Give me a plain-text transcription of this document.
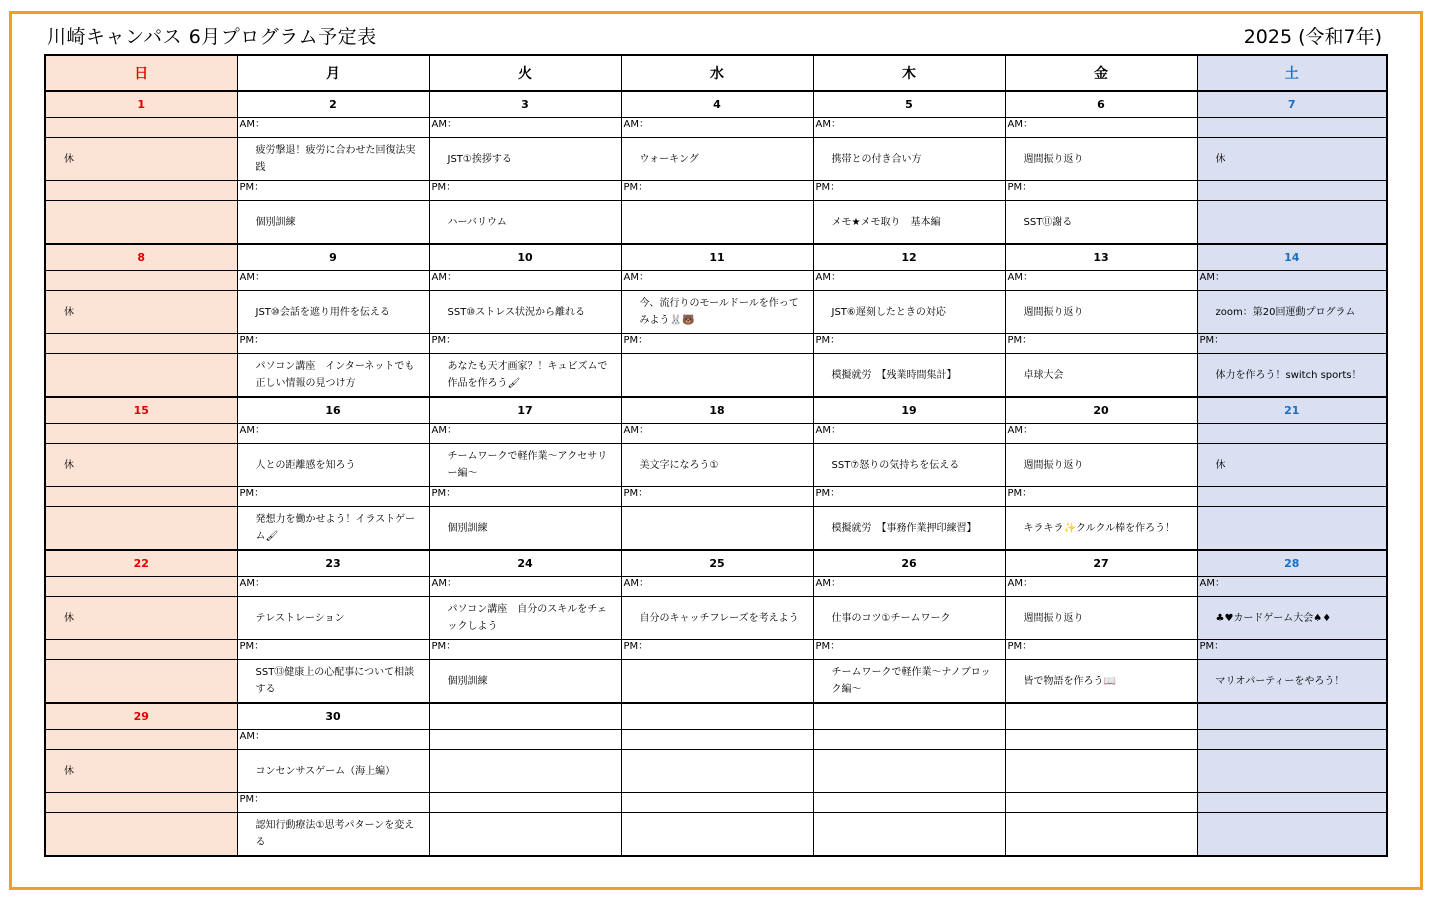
川崎キャンパス 6月プログラム予定表	2025 (令和7年)
日	月	火	水	木	金	土
1	2	3	4	5	6	7
	AM：	AM：	AM：	AM：	AM：	

休	疲労撃退！疲労に合わせた回復法実践	JST①挨拶する	ウォーキング	携帯との付き合い方	週間振り返り	休

	PM：	PM：	PM：	PM：	PM：	

	個別訓練	ハーバリウム		メモ★メモ取り　基本編	SST⑪謝る	

8	9	10	11	12	13	14
	AM：	AM：	AM：	AM：	AM：	AM：

休	JST⑩会話を遮り用件を伝える	SST⑩ストレス状況から離れる	今、流行りのモールドールを作ってみよう🐰🐻	JST⑥遅刻したときの対応	週間振り返り	zoom：第20回運動プログラム

	PM：	PM：	PM：	PM：	PM：	PM：

	パソコン講座　インターネットでも正しい情報の見つけ方	あなたも天才画家？！キュビズムで作品を作ろう🖌		模擬就労　【残業時間集計】	卓球大会	体力を作ろう！switch sports！

15	16	17	18	19	20	21
	AM：	AM：	AM：	AM：	AM：	

休	人との距離感を知ろう	チームワークで軽作業～アクセサリー編～	美文字になろう①	SST⑦怒りの気持ちを伝える	週間振り返り	休

	PM：	PM：	PM：	PM：	PM：	

	発想力を働かせよう！イラストゲーム🖌	個別訓練		模擬就労　【事務作業押印練習】	キラキラ✨クルクル棒を作ろう！	

22	23	24	25	26	27	28
	AM：	AM：	AM：	AM：	AM：	AM：

休	テレストレーション	パソコン講座　自分のスキルをチェックしよう	自分のキャッチフレーズを考えよう	仕事のコツ①チームワーク	週間振り返り	♣♥カードゲーム大会♠♦

	PM：	PM：	PM：	PM：	PM：	PM：

	SST⑬健康上の心配事について相談する	個別訓練		チームワークで軽作業～ナノブロック編～	皆で物語を作ろう📖	マリオパーティーをやろう！

29	30					
	AM：					

休	コンセンサスゲーム（海上編）					

	PM：					

	認知行動療法①思考パターンを変える					
